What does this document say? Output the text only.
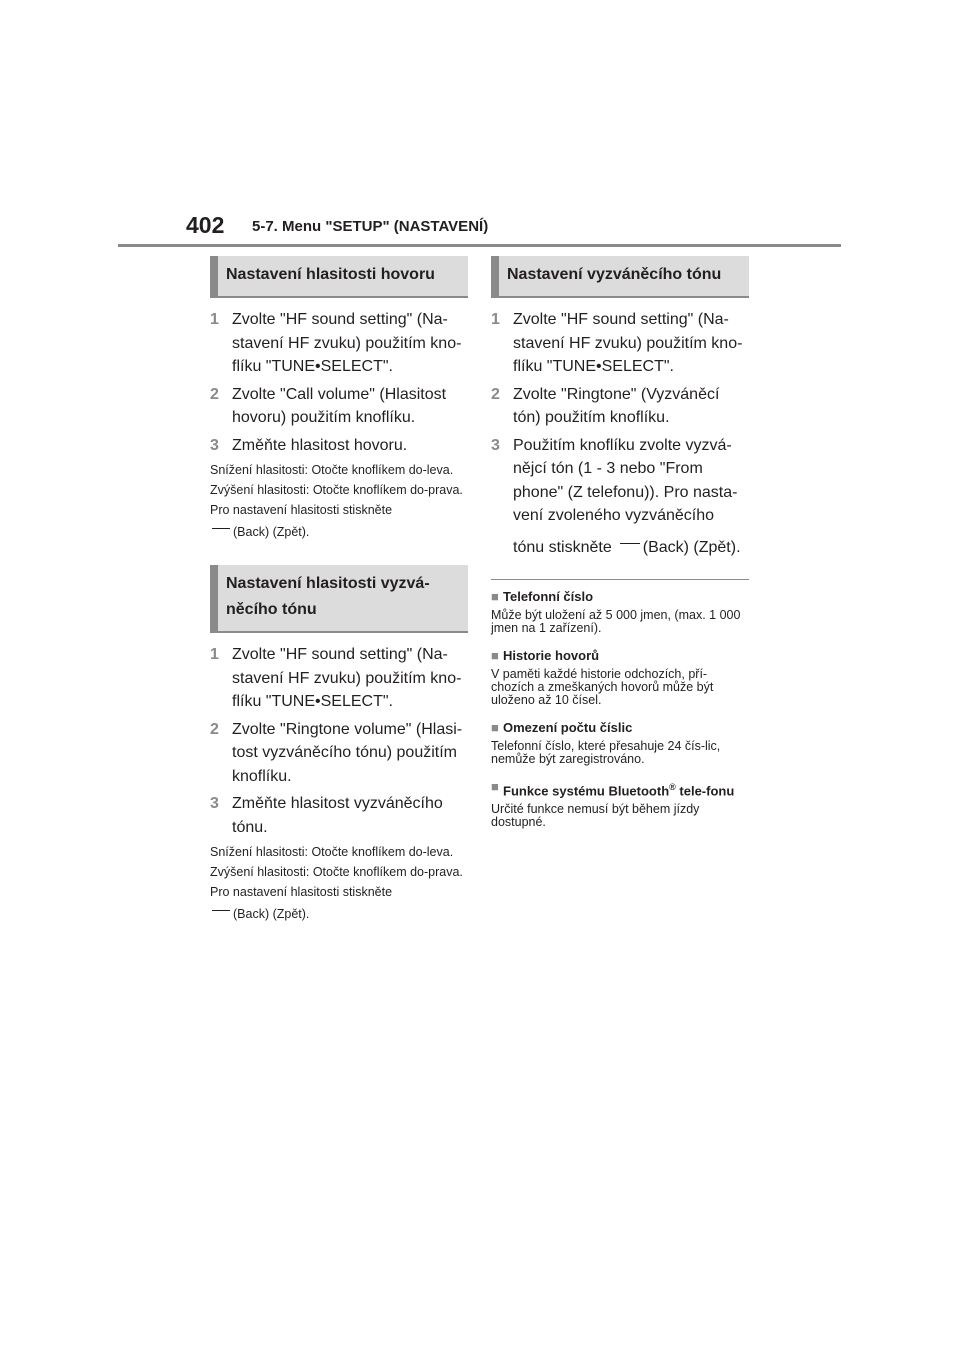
402 5-7. Menu "SETUP" (NASTAVENÍ)
Nastavení hlasitosti hovoru
1 Zvolte "HF sound setting" (Na-stavení HF zvuku) použitím kno-flíku "TUNE•SELECT".
2 Zvolte "Call volume" (Hlasitost hovoru) použitím knoflíku.
3 Změňte hlasitost hovoru.
Snížení hlasitosti: Otočte knoflíkem do-leva.
Zvýšení hlasitosti: Otočte knoflíkem do-prava.
Pro nastavení hlasitosti stiskněte
(Back) (Zpět).
Nastavení hlasitosti vyzvá-něcího tónu
1 Zvolte "HF sound setting" (Na-stavení HF zvuku) použitím kno-flíku "TUNE•SELECT".
2 Zvolte "Ringtone volume" (Hlasi-tost vyzváněcího tónu) použitím knoflíku.
3 Změňte hlasitost vyzváněcího tónu.
Snížení hlasitosti: Otočte knoflíkem do-leva.
Zvýšení hlasitosti: Otočte knoflíkem do-prava.
Pro nastavení hlasitosti stiskněte
(Back) (Zpět).
Nastavení vyzváněcího tónu
1 Zvolte "HF sound setting" (Na-stavení HF zvuku) použitím kno-flíku "TUNE•SELECT".
2 Zvolte "Ringtone" (Vyzváněcí tón) použitím knoflíku.
3 Použitím knoflíku zvolte vyzvá-nějcí tón (1 - 3 nebo "From phone" (Z telefonu)). Pro nasta-vení zvoleného vyzváněcího
tónu stiskněte (Back) (Zpět).
■ Telefonní číslo
Může být uložení až 5 000 jmen, (max. 1 000 jmen na 1 zařízení).
■ Historie hovorů
V paměti každé historie odchozích, pří-chozích a zmeškaných hovorů může být uloženo až 10 čísel.
■ Omezení počtu číslic
Telefonní číslo, které přesahuje 24 čís-lic, nemůže být zaregistrováno.
■ Funkce systému Bluetooth® tele-fonu
Určité funkce nemusí být během jízdy dostupné.
